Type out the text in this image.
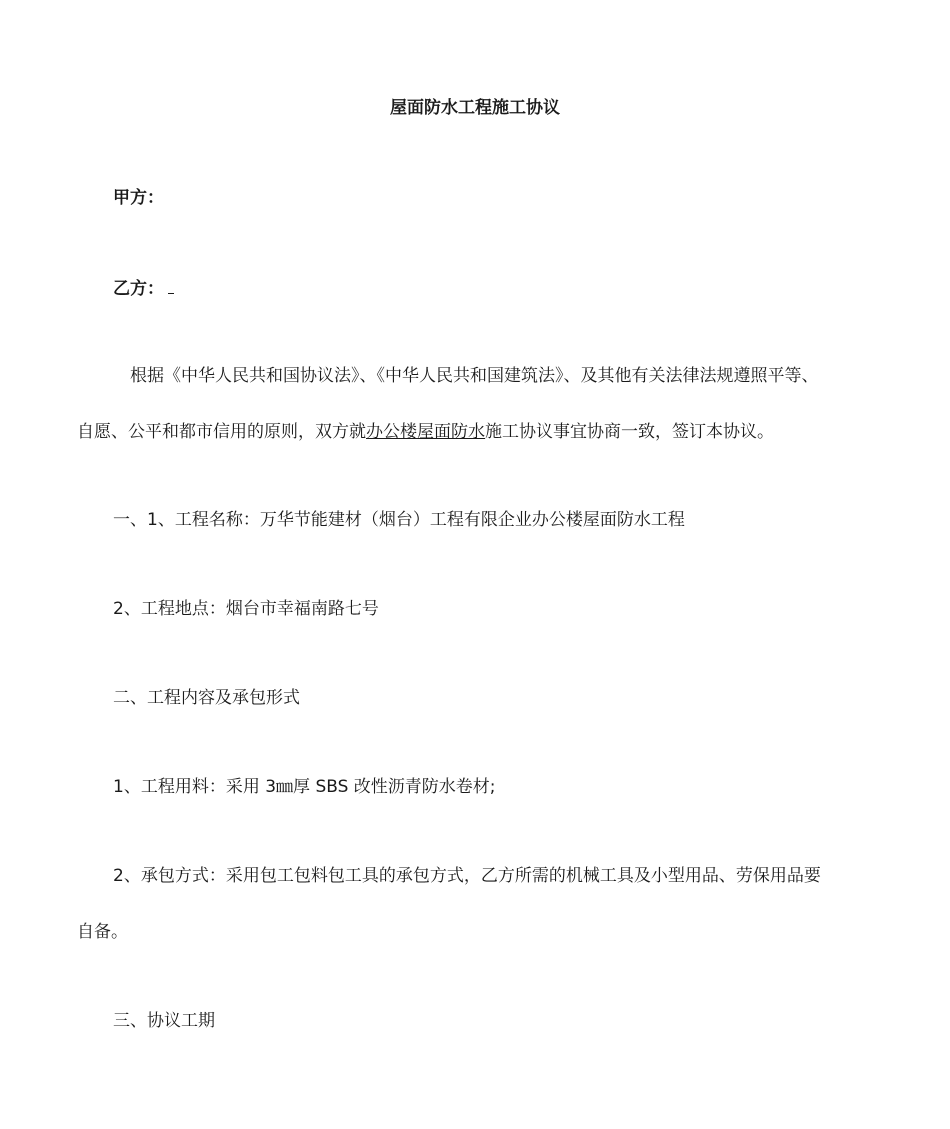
屋面防水工程施工协议
甲方：
乙方：
根据《中华人民共和国协议法》、《中华人民共和国建筑法》、及其他有关法律法规遵照平等、
自愿、公平和都市信用的原则，双方就办公楼屋面防水施工协议事宜协商一致，签订本协议。
一、1、工程名称：万华节能建材（烟台）工程有限企业办公楼屋面防水工程
2、工程地点：烟台市幸福南路七号
二、工程内容及承包形式
1、工程用料：采用 3㎜厚 SBS 改性沥青防水卷材;
2、承包方式：采用包工包料包工具的承包方式，乙方所需的机械工具及小型用品、劳保用品要
自备。
三、协议工期
